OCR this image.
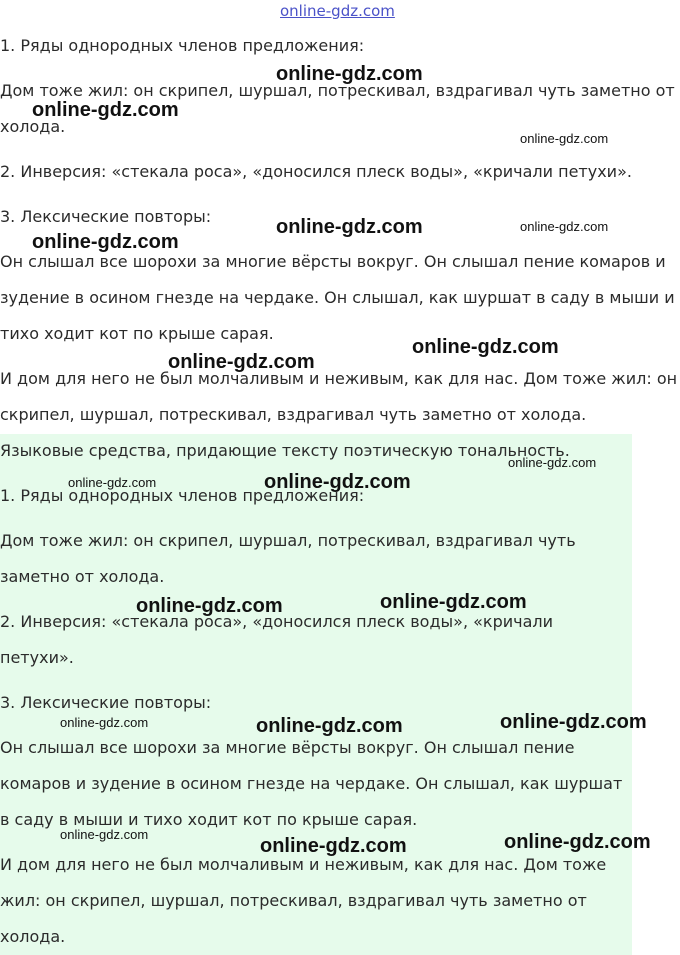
online-gdz.com
1. Ряды однородных членов предложения:
Дом тоже жил: он скрипел, шуршал, потрескивал, вздрагивал чуть заметно от
холода.
2. Инверсия: «стекала роса», «доносился плеск воды», «кричали петухи».
3. Лексические повторы:
Он слышал все шорохи за многие вёрсты вокруг. Он слышал пение комаров и
зудение в осином гнезде на чердаке. Он слышал, как шуршат в саду в мыши и
тихо ходит кот по крыше сарая.
И дом для него не был молчаливым и неживым, как для нас. Дом тоже жил: он
скрипел, шуршал, потрескивал, вздрагивал чуть заметно от холода.
Языковые средства, придающие тексту поэтическую тональность.
1. Ряды однородных членов предложения:
Дом тоже жил: он скрипел, шуршал, потрескивал, вздрагивал чуть
заметно от холода.
2. Инверсия: «стекала роса», «доносился плеск воды», «кричали
петухи».
3. Лексические повторы:
Он слышал все шорохи за многие вёрсты вокруг. Он слышал пение
комаров и зудение в осином гнезде на чердаке. Он слышал, как шуршат
в саду в мыши и тихо ходит кот по крыше сарая.
И дом для него не был молчаливым и неживым, как для нас. Дом тоже
жил: он скрипел, шуршал, потрескивал, вздрагивал чуть заметно от
холода.
online-gdz.com
online-gdz.com
online-gdz.com
online-gdz.com	online-gdz.com
online-gdz.com
online-gdz.com
online-gdz.com
online-gdz.com
online-gdz.com	online-gdz.com
online-gdz.com
online-gdz.com
online-gdz.com	online-gdz.com	online-gdz.com
online-gdz.com	online-gdz.com
online-gdz.com
